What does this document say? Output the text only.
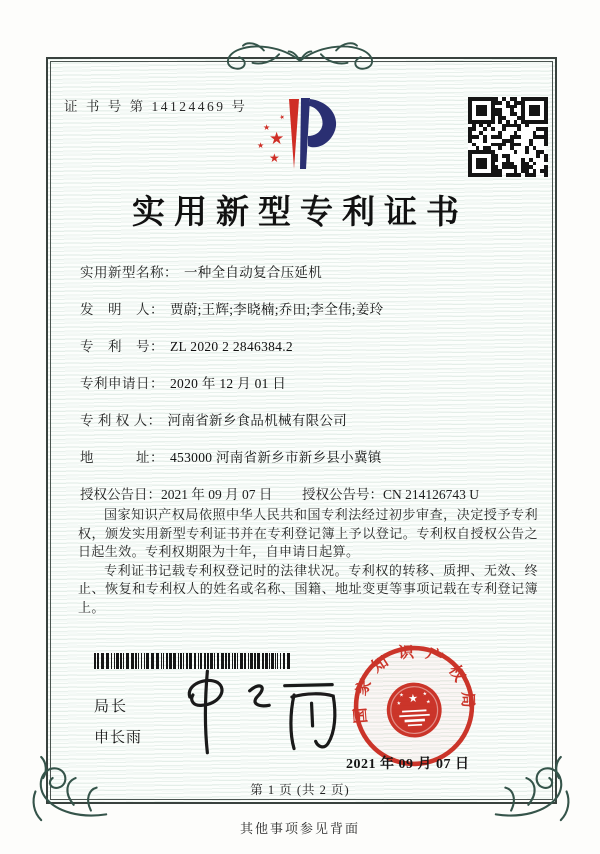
证 书 号 第 14124469 号
★
★
★
★
★
实用新型专利证书
实用新型名称： 一种全自动复合压延机
发　明　人： 贾蔚;王辉;李晓楠;乔田;李全伟;姜玲
专　利　号： ZL 2020 2 2846384.2
专利申请日： 2020 年 12 月 01 日
专 利 权 人： 河南省新乡食品机械有限公司
地　　　址： 453000 河南省新乡市新乡县小冀镇
授权公告日： 2021 年 09 月 07 日 授权公告号： CN 214126743 U

国家知识产权局依照中华人民共和国专利法经过初步审查，决定授予专利权，颁发实用新型专利证书并在专利登记簿上予以登记。专利权自授权公告之日起生效。专利权期限为十年，自申请日起算。

专利证书记载专利权登记时的法律状况。专利权的转移、质押、无效、终止、恢复和专利权人的姓名或名称、国籍、地址变更等事项记载在专利登记簿上。

局长
申长雨
国家知识产权局
★
★	★
★	★
2021 年 09 月 07 日
第 1 页 (共 2 页)
其他事项参见背面
